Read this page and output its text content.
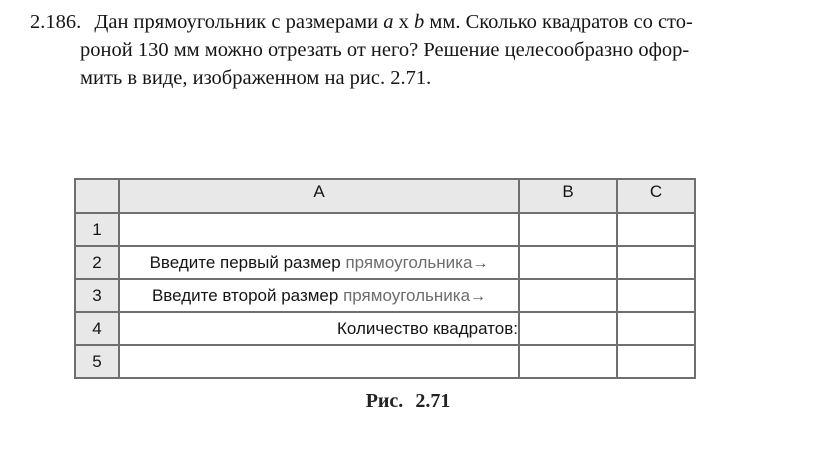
2.186. Дан прямоугольник с размерами a x b мм. Сколько квадратов со сто-
роной 130 мм можно отрезать от него? Решение целесообразно офор-
мить в виде, изображенном на рис. 2.71.
	A	B	C
1			
2	Введите первый размер прямоугольника→		
3	Введите второй размер прямоугольника→		
4	Количество квадратов:		
5			
Рис. 2.71
